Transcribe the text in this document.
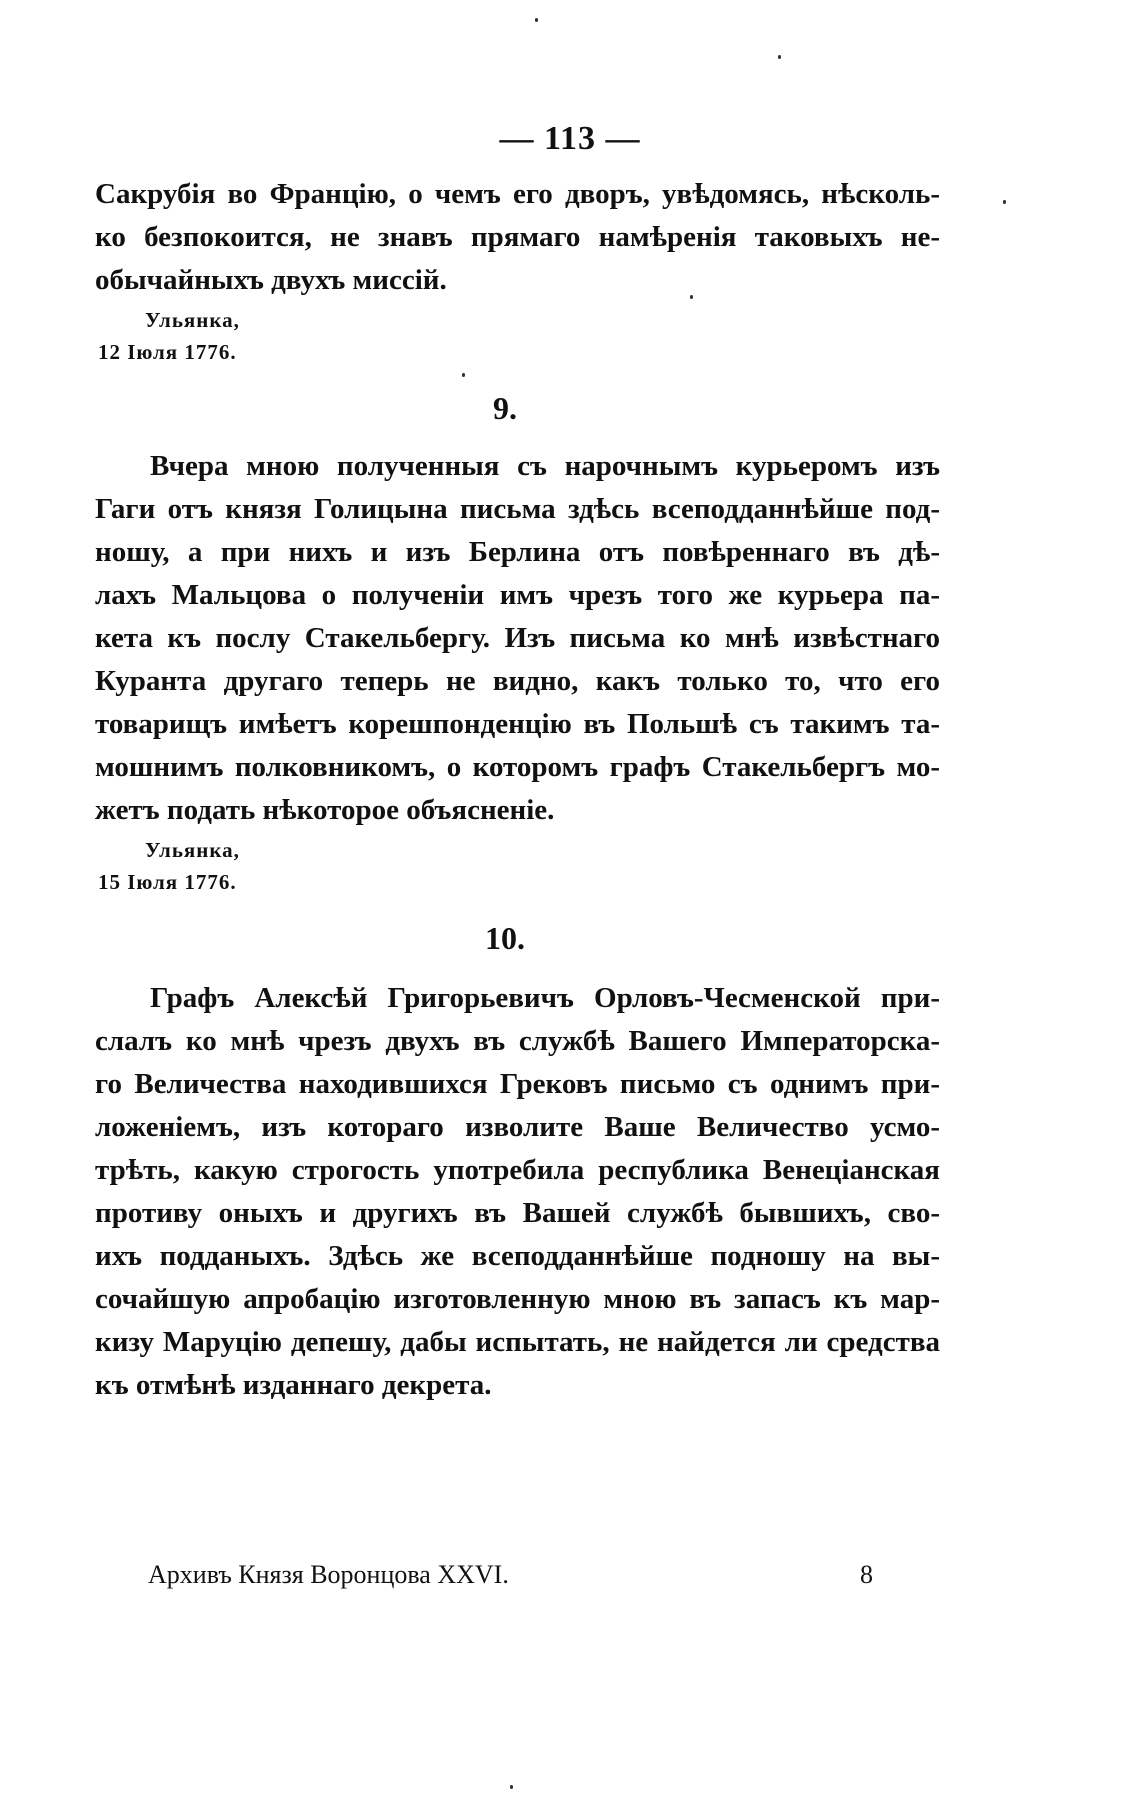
— 113 —
Сакрубія во Францію, о чемъ его дворъ, увѣдомясь, нѣсколь-
ко безпокоится, не знавъ прямаго намѣренія таковыхъ не-
обычайныхъ двухъ миссій.
Ульянка,
12 Іюля 1776.
9.
Вчера мною полученныя съ нарочнымъ курьеромъ изъ
Гаги отъ князя Голицына письма здѣсь всеподданнѣйше под-
ношу, а при нихъ и изъ Берлина отъ повѣреннаго въ дѣ-
лахъ Мальцова о полученіи имъ чрезъ того же курьера па-
кета къ послу Стакельбергу. Изъ письма ко мнѣ извѣстнаго
Куранта другаго теперь не видно, какъ только то, что его
товарищъ имѣетъ корешпонденцію въ Польшѣ съ такимъ та-
мошнимъ полковникомъ, о которомъ графъ Стакельбергъ мо-
жетъ подать нѣкоторое объясненіе.
Ульянка,
15 Іюля 1776.
10.
Графъ Алексѣй Григорьевичъ Орловъ-Чесменской при-
слалъ ко мнѣ чрезъ двухъ въ службѣ Вашего Императорска-
го Величества находившихся Грековъ письмо съ однимъ при-
ложеніемъ, изъ котораго изволите Ваше Величество усмо-
трѣть, какую строгость употребила республика Венеціанская
противу оныхъ и другихъ въ Вашей службѣ бывшихъ, сво-
ихъ подданыхъ. Здѣсь же всеподданнѣйше подношу на вы-
сочайшую апробацію изготовленную мною въ запасъ къ мар-
кизу Маруцію депешу, дабы испытать, не найдется ли средства
къ отмѣнѣ изданнаго декрета.
Архивъ Князя Воронцова XXVI.	8
